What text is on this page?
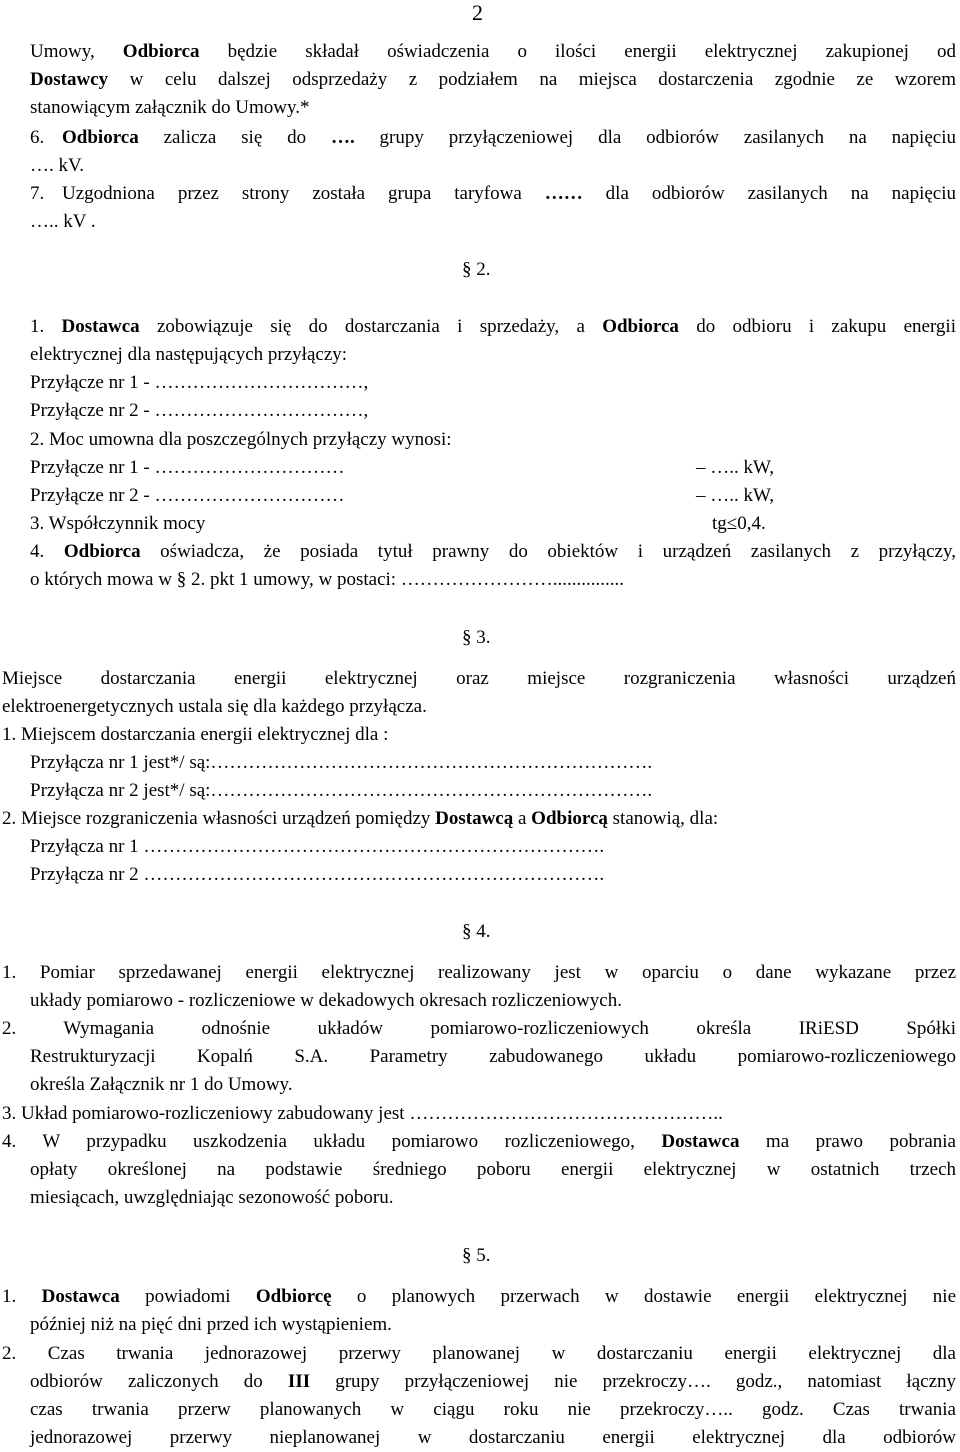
2
Umowy, Odbiorca będzie składał oświadczenia o ilości energii elektrycznej zakupionej od
Dostawcy w celu dalszej odsprzedaży z podziałem na miejsca dostarczenia zgodnie ze wzorem
stanowiącym załącznik do Umowy.*
6. Odbiorca zalicza się do …. grupy przyłączeniowej dla odbiorów zasilanych na napięciu
…. kV.
7. Uzgodniona przez strony została grupa taryfowa …… dla odbiorów zasilanych na napięciu
….. kV .
§ 2.
1. Dostawca zobowiązuje się do dostarczania i sprzedaży, a Odbiorca do odbioru i zakupu energii
elektrycznej dla następujących przyłączy:
Przyłącze nr 1 - ……………………………,
Przyłącze nr 2 - ……………………………,
2. Moc umowna dla poszczególnych przyłączy wynosi:
Przyłącze nr 1 - …………………………	– ….. kW,
Przyłącze nr 2 - …………………………	– ….. kW,
3. Współczynnik mocy	tg≤0,4.
4. Odbiorca oświadcza, że posiada tytuł prawny do obiektów i urządzeń zasilanych z przyłączy,
o których mowa w § 2. pkt 1 umowy, w postaci: ……………………...............
§ 3.
Miejsce dostarczania energii elektrycznej oraz miejsce rozgraniczenia własności urządzeń
elektroenergetycznych ustala się dla każdego przyłącza.
1. Miejscem dostarczania energii elektrycznej dla :
Przyłącza nr 1 jest*/ są:…………………………………………………………….
Przyłącza nr 2 jest*/ są:…………………………………………………………….
2. Miejsce rozgraniczenia własności urządzeń pomiędzy Dostawcą a Odbiorcą stanowią, dla:
Przyłącza nr 1 ……………………………………………………………….
Przyłącza nr 2 ……………………………………………………………….
§ 4.
1. Pomiar sprzedawanej energii elektrycznej realizowany jest w oparciu o dane wykazane przez
układy pomiarowo - rozliczeniowe w dekadowych okresach rozliczeniowych.
2. Wymagania odnośnie układów pomiarowo-rozliczeniowych określa IRiESD Spółki
Restrukturyzacji Kopalń S.A. Parametry zabudowanego układu pomiarowo-rozliczeniowego
określa Załącznik nr 1 do Umowy.
3. Układ pomiarowo-rozliczeniowy zabudowany jest …………………………………………..
4. W przypadku uszkodzenia układu pomiarowo rozliczeniowego, Dostawca ma prawo pobrania
opłaty określonej na podstawie średniego poboru energii elektrycznej w ostatnich trzech
miesiącach, uwzględniając sezonowość poboru.
§ 5.
1. Dostawca powiadomi Odbiorcę o planowych przerwach w dostawie energii elektrycznej nie
później niż na pięć dni przed ich wystąpieniem.
2. Czas trwania jednorazowej przerwy planowanej w dostarczaniu energii elektrycznej dla
odbiorów zaliczonych do III grupy przyłączeniowej nie przekroczy…. godz., natomiast łączny
czas trwania przerw planowanych w ciągu roku nie przekroczy….. godz. Czas trwania
jednorazowej przerwy nieplanowanej w dostarczaniu energii elektrycznej dla odbiorów
